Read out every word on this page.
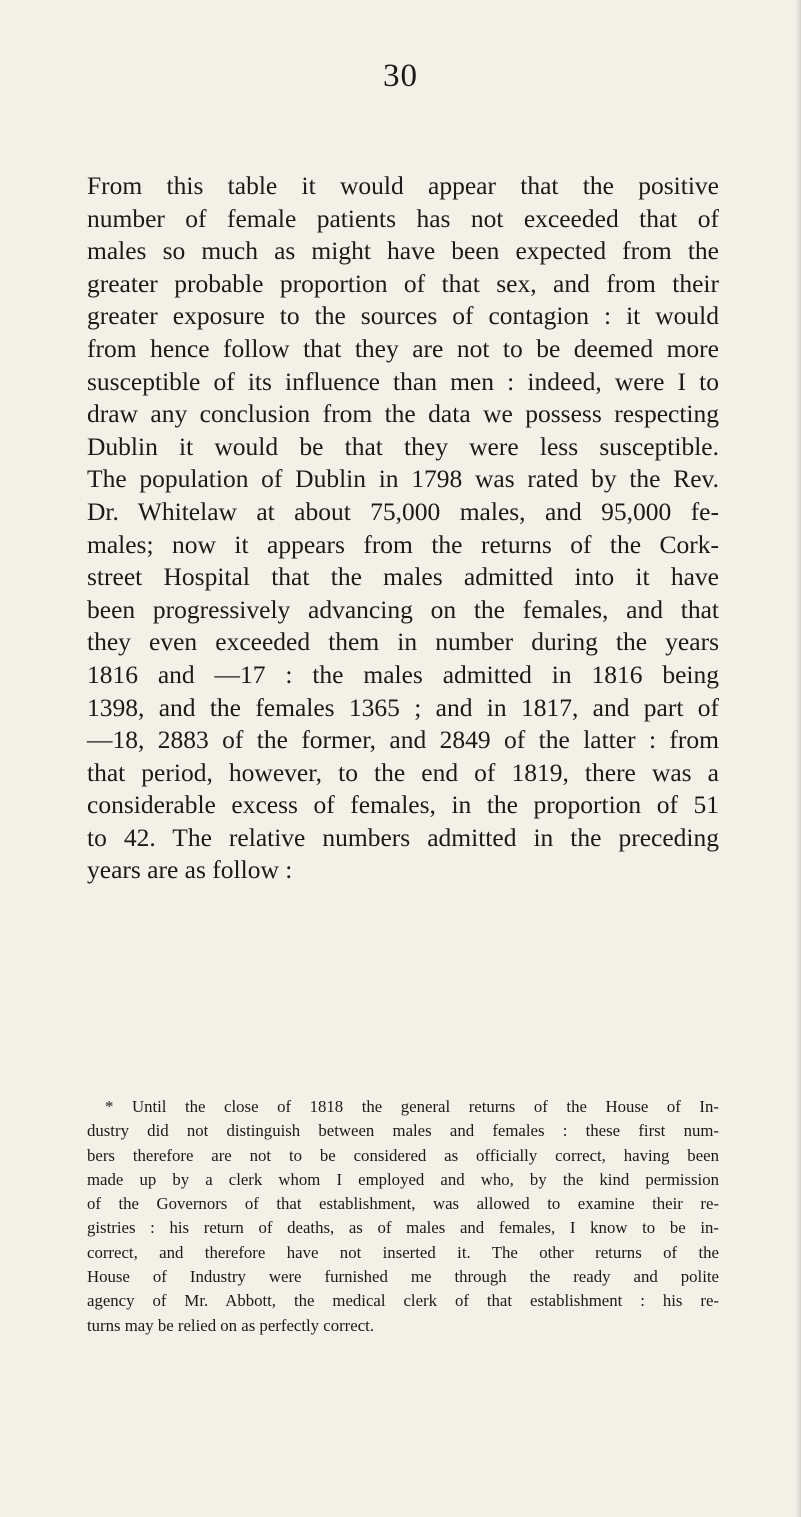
30

From this table it would appear that the positive
number of female patients has not exceeded that of
males so much as might have been expected from the
greater probable proportion of that sex, and from their
greater exposure to the sources of contagion : it would
from hence follow that they are not to be deemed more
susceptible of its influence than men : indeed, were I to
draw any conclusion from the data we possess respecting
Dublin it would be that they were less susceptible.
The population of Dublin in 1798 was rated by the Rev.
Dr. Whitelaw at about 75,000 males, and 95,000 fe-
males; now it appears from the returns of the Cork-
street Hospital that the males admitted into it have
been progressively advancing on the females, and that
they even exceeded them in number during the years
1816 and —17 : the males admitted in 1816 being
1398, and the females 1365 ; and in 1817, and part of
—18, 2883 of the former, and 2849 of the latter : from
that period, however, to the end of 1819, there was a
considerable excess of females, in the proportion of 51
to 42. The relative numbers admitted in the preceding
years are as follow :

* Until the close of 1818 the general returns of the House of In-
dustry did not distinguish between males and females : these first num-
bers therefore are not to be considered as officially correct, having been
made up by a clerk whom I employed and who, by the kind permission
of the Governors of that establishment, was allowed to examine their re-
gistries : his return of deaths, as of males and females, I know to be in-
correct, and therefore have not inserted it. The other returns of the
House of Industry were furnished me through the ready and polite
agency of Mr. Abbott, the medical clerk of that establishment : his re-
turns may be relied on as perfectly correct.
